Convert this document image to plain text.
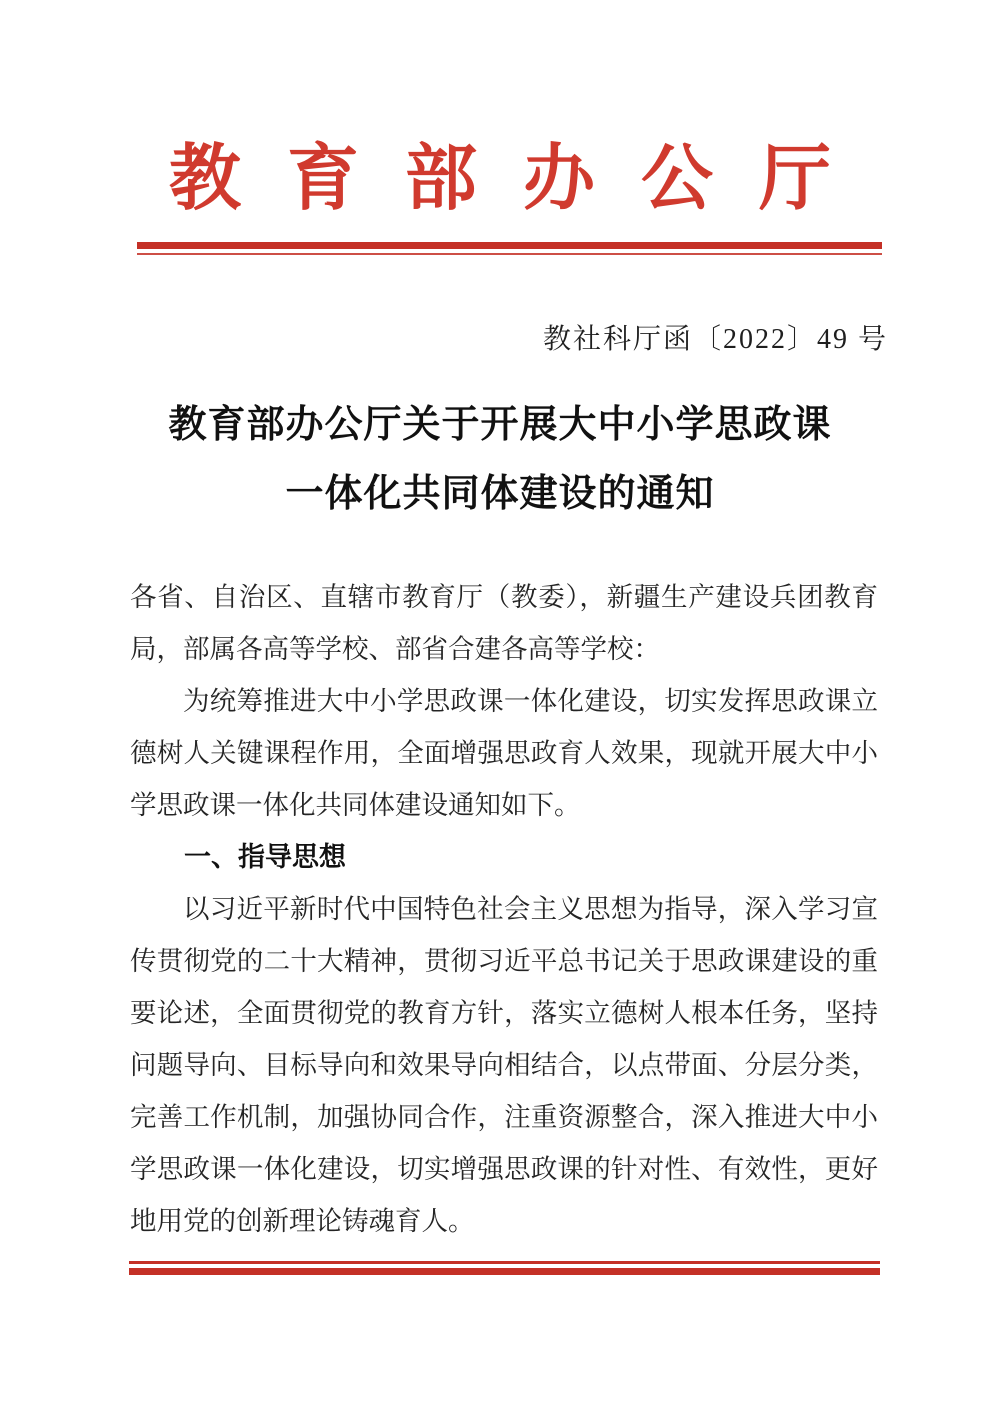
教育部办公厅
教社科厅函〔2022〕49 号
教育部办公厅关于开展大中小学思政课
一体化共同体建设的通知

各省、自治区、直辖市教育厅（教委），新疆生产建设兵团教育局，部属各高等学校、部省合建各高等学校：

为统筹推进大中小学思政课一体化建设，切实发挥思政课立德树人关键课程作用，全面增强思政育人效果，现就开展大中小学思政课一体化共同体建设通知如下。

一、指导思想

以习近平新时代中国特色社会主义思想为指导，深入学习宣传贯彻党的二十大精神，贯彻习近平总书记关于思政课建设的重要论述，全面贯彻党的教育方针，落实立德树人根本任务，坚持问题导向、目标导向和效果导向相结合，以点带面、分层分类，完善工作机制，加强协同合作，注重资源整合，深入推进大中小学思政课一体化建设，切实增强思政课的针对性、有效性，更好地用党的创新理论铸魂育人。
